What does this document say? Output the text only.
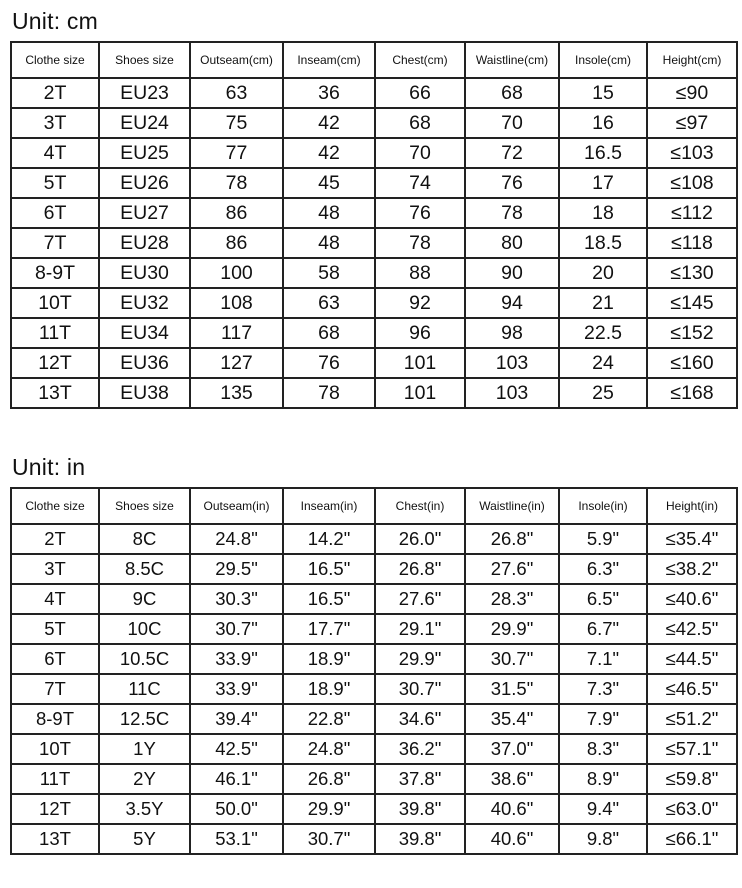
Unit: cm
Clothe size	Shoes size	Outseam(cm)	Inseam(cm)	Chest(cm)	Waistline(cm)	Insole(cm)	Height(cm)
2T	EU23	63	36	66	68	15	≤90
3T	EU24	75	42	68	70	16	≤97
4T	EU25	77	42	70	72	16.5	≤103
5T	EU26	78	45	74	76	17	≤108
6T	EU27	86	48	76	78	18	≤112
7T	EU28	86	48	78	80	18.5	≤118
8-9T	EU30	100	58	88	90	20	≤130
10T	EU32	108	63	92	94	21	≤145
11T	EU34	117	68	96	98	22.5	≤152
12T	EU36	127	76	101	103	24	≤160
13T	EU38	135	78	101	103	25	≤168
Unit: in
Clothe size	Shoes size	Outseam(in)	Inseam(in)	Chest(in)	Waistline(in)	Insole(in)	Height(in)
2T	8C	24.8"	14.2"	26.0"	26.8"	5.9"	≤35.4"
3T	8.5C	29.5"	16.5"	26.8"	27.6"	6.3"	≤38.2"
4T	9C	30.3"	16.5"	27.6"	28.3"	6.5"	≤40.6"
5T	10C	30.7"	17.7"	29.1"	29.9"	6.7"	≤42.5"
6T	10.5C	33.9"	18.9"	29.9"	30.7"	7.1"	≤44.5"
7T	11C	33.9"	18.9"	30.7"	31.5"	7.3"	≤46.5"
8-9T	12.5C	39.4"	22.8"	34.6"	35.4"	7.9"	≤51.2"
10T	1Y	42.5"	24.8"	36.2"	37.0"	8.3"	≤57.1"
11T	2Y	46.1"	26.8"	37.8"	38.6"	8.9"	≤59.8"
12T	3.5Y	50.0"	29.9"	39.8"	40.6"	9.4"	≤63.0"
13T	5Y	53.1"	30.7"	39.8"	40.6"	9.8"	≤66.1"
